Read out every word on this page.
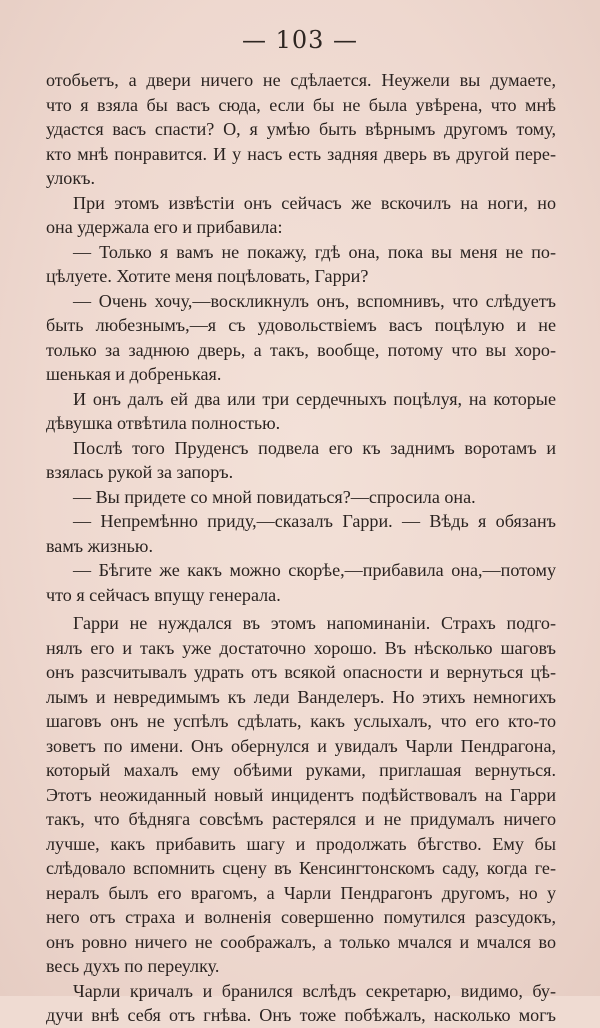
— 103 —
отобьетъ, а двери ничего не сдѣлается. Неужели вы думаете,
что я взяла бы васъ сюда, если бы не была увѣрена, что мнѣ
удастся васъ спасти? О, я умѣю быть вѣрнымъ другомъ тому,
кто мнѣ понравится. И у насъ есть задняя дверь въ другой пере-
улокъ.
При этомъ извѣстіи онъ сейчасъ же вскочилъ на ноги, но
она удержала его и прибавила:
— Только я вамъ не покажу, гдѣ она, пока вы меня не по-
цѣлуете. Хотите меня поцѣловать, Гарри?
— Очень хочу,—воскликнулъ онъ, вспомнивъ, что слѣдуетъ
быть любезнымъ,—я съ удовольствіемъ васъ поцѣлую и не
только за заднюю дверь, а такъ, вообще, потому что вы хоро-
шенькая и добренькая.
И онъ далъ ей два или три сердечныхъ поцѣлуя, на которые
дѣвушка отвѣтила полностью.
Послѣ того Пруденсъ подвела его къ заднимъ воротамъ и
взялась рукой за запоръ.
— Вы придете со мной повидаться?—спросила она.
— Непремѣнно приду,—сказалъ Гарри. — Вѣдь я обязанъ
вамъ жизнью.
— Бѣгите же какъ можно скорѣе,—прибавила она,—потому
что я сейчасъ впущу генерала.
Гарри не нуждался въ этомъ напоминаніи. Страхъ подго-
нялъ его и такъ уже достаточно хорошо. Въ нѣсколько шаговъ
онъ разсчитывалъ удрать отъ всякой опасности и вернуться цѣ-
лымъ и невредимымъ къ леди Ванделеръ. Но этихъ немногихъ
шаговъ онъ не успѣлъ сдѣлать, какъ услыхалъ, что его кто-то
зоветъ по имени. Онъ обернулся и увидалъ Чарли Пендрагона,
который махалъ ему обѣими руками, приглашая вернуться.
Этотъ неожиданный новый инцидентъ подѣйствовалъ на Гарри
такъ, что бѣдняга совсѣмъ растерялся и не придумалъ ничего
лучше, какъ прибавить шагу и продолжать бѣгство. Ему бы
слѣдовало вспомнить сцену въ Кенсингтонскомъ саду, когда ге-
нералъ былъ его врагомъ, а Чарли Пендрагонъ другомъ, но у
него отъ страха и волненія совершенно помутился разсудокъ,
онъ ровно ничего не соображалъ, а только мчался и мчался во
весь духъ по переулку.
Чарли кричалъ и бранился вслѣдъ секретарю, видимо, бу-
дучи внѣ себя отъ гнѣва. Онъ тоже побѣжалъ, насколько могъ
